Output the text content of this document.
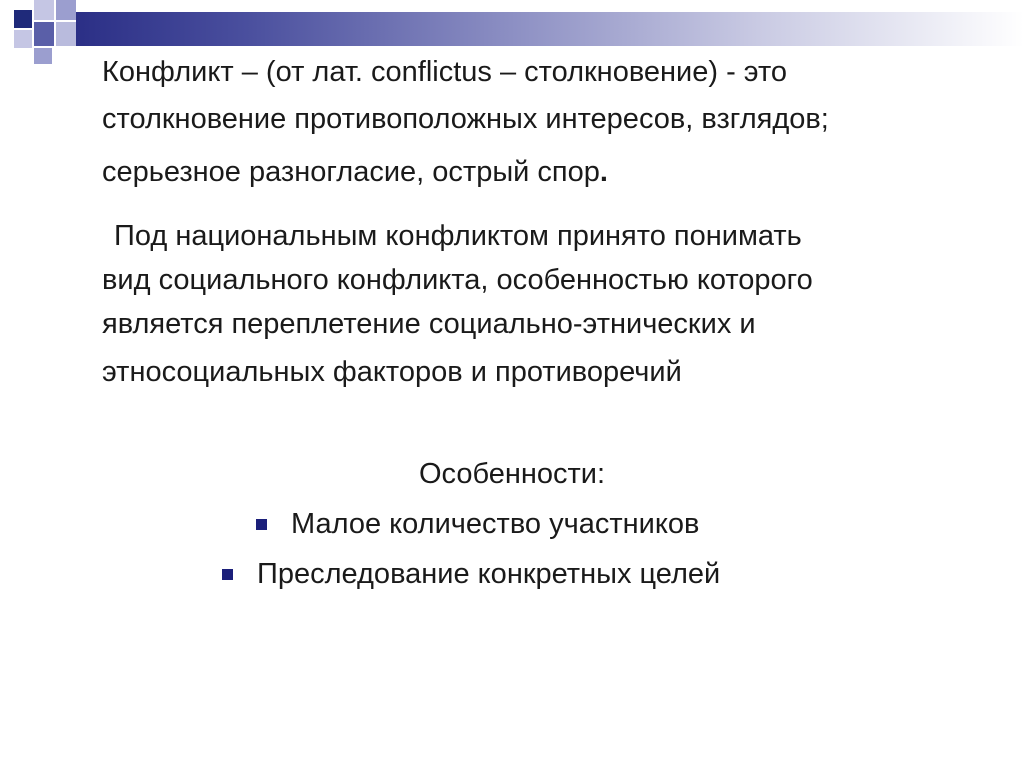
Конфликт – (от лат. conflictus – столкновение) - это
столкновение противоположных интересов, взглядов;
серьезное разногласие, острый спор.
Под национальным конфликтом принято понимать
вид социального конфликта, особенностью которого
является переплетение социально-этнических и
этносоциальных факторов и противоречий
Особенности:
Малое количество участников
Преследование конкретных целей
